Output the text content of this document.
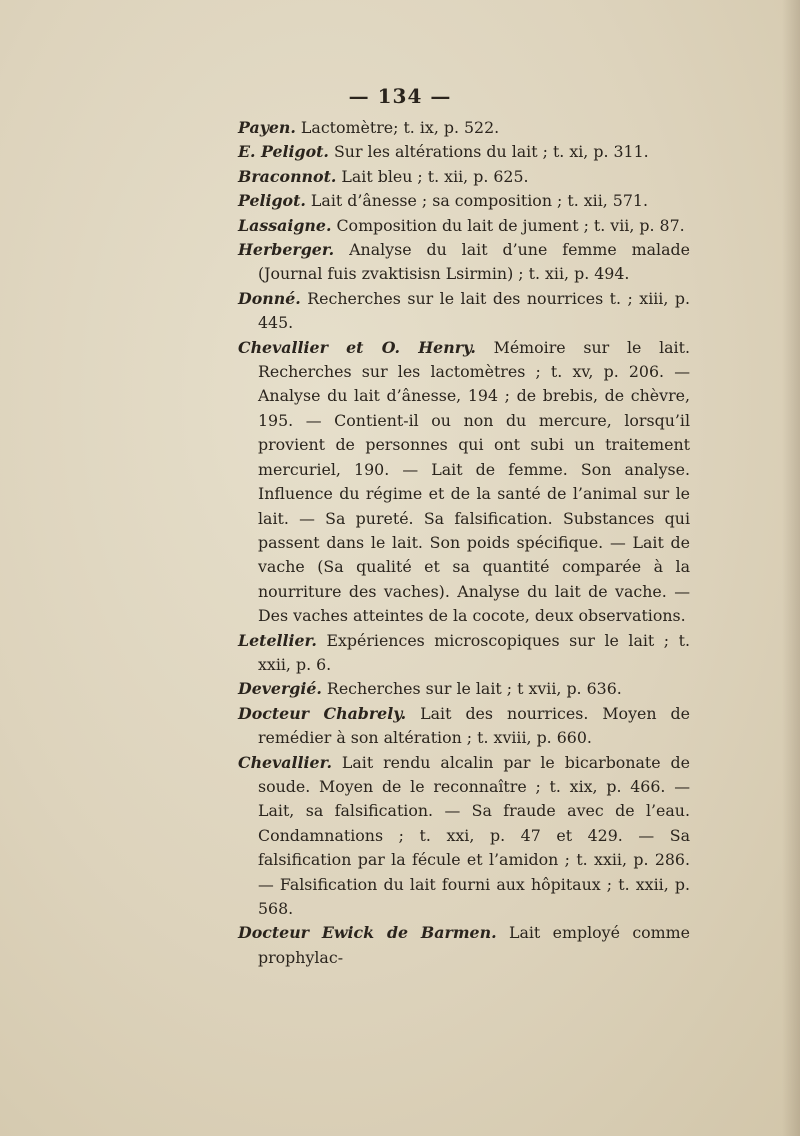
— 134 —

Payen. Lactomètre; t. ix, p. 522.

E. Peligot. Sur les altérations du lait ; t. xi, p. 311.

Braconnot. Lait bleu ; t. xii, p. 625.

Peligot. Lait d’ânesse ; sa composition ; t. xii, 571.

Lassaigne. Composition du lait de jument ; t. vii, p. 87.

Herberger. Analyse du lait d’une femme malade (Journal fuis zvaktisisn Lsirmin) ; t. xii, p. 494.

Donné. Recherches sur le lait des nourrices t. ; xiii, p. 445.

Chevallier et O. Henry. Mémoire sur le lait. Recherches sur les lactomètres ; t. xv, p. 206. — Analyse du lait d’ânesse, 194 ; de brebis, de chèvre, 195. — Contient-il ou non du mercure, lorsqu’il provient de personnes qui ont subi un traitement mercuriel, 190. — Lait de femme. Son analyse. Influence du régime et de la santé de l’animal sur le lait. — Sa pureté. Sa falsification. Substances qui passent dans le lait. Son poids spécifique. — Lait de vache (Sa qualité et sa quantité comparée à la nourriture des vaches). Analyse du lait de vache. — Des vaches atteintes de la cocote, deux observations.

Letellier. Expériences microscopiques sur le lait ; t. xxii, p. 6.

Devergié. Recherches sur le lait ; t xvii, p. 636.

Docteur Chabrely. Lait des nourrices. Moyen de remédier à son altération ; t. xviii, p. 660.

Chevallier. Lait rendu alcalin par le bicarbonate de soude. Moyen de le reconnaître ; t. xix, p. 466. — Lait, sa falsification. — Sa fraude avec de l’eau. Condamnations ; t. xxi, p. 47 et 429. — Sa falsification par la fécule et l’amidon ; t. xxii, p. 286. — Falsification du lait fourni aux hôpitaux ; t. xxii, p. 568.

Docteur Ewick de Barmen. Lait employé comme prophylac-
